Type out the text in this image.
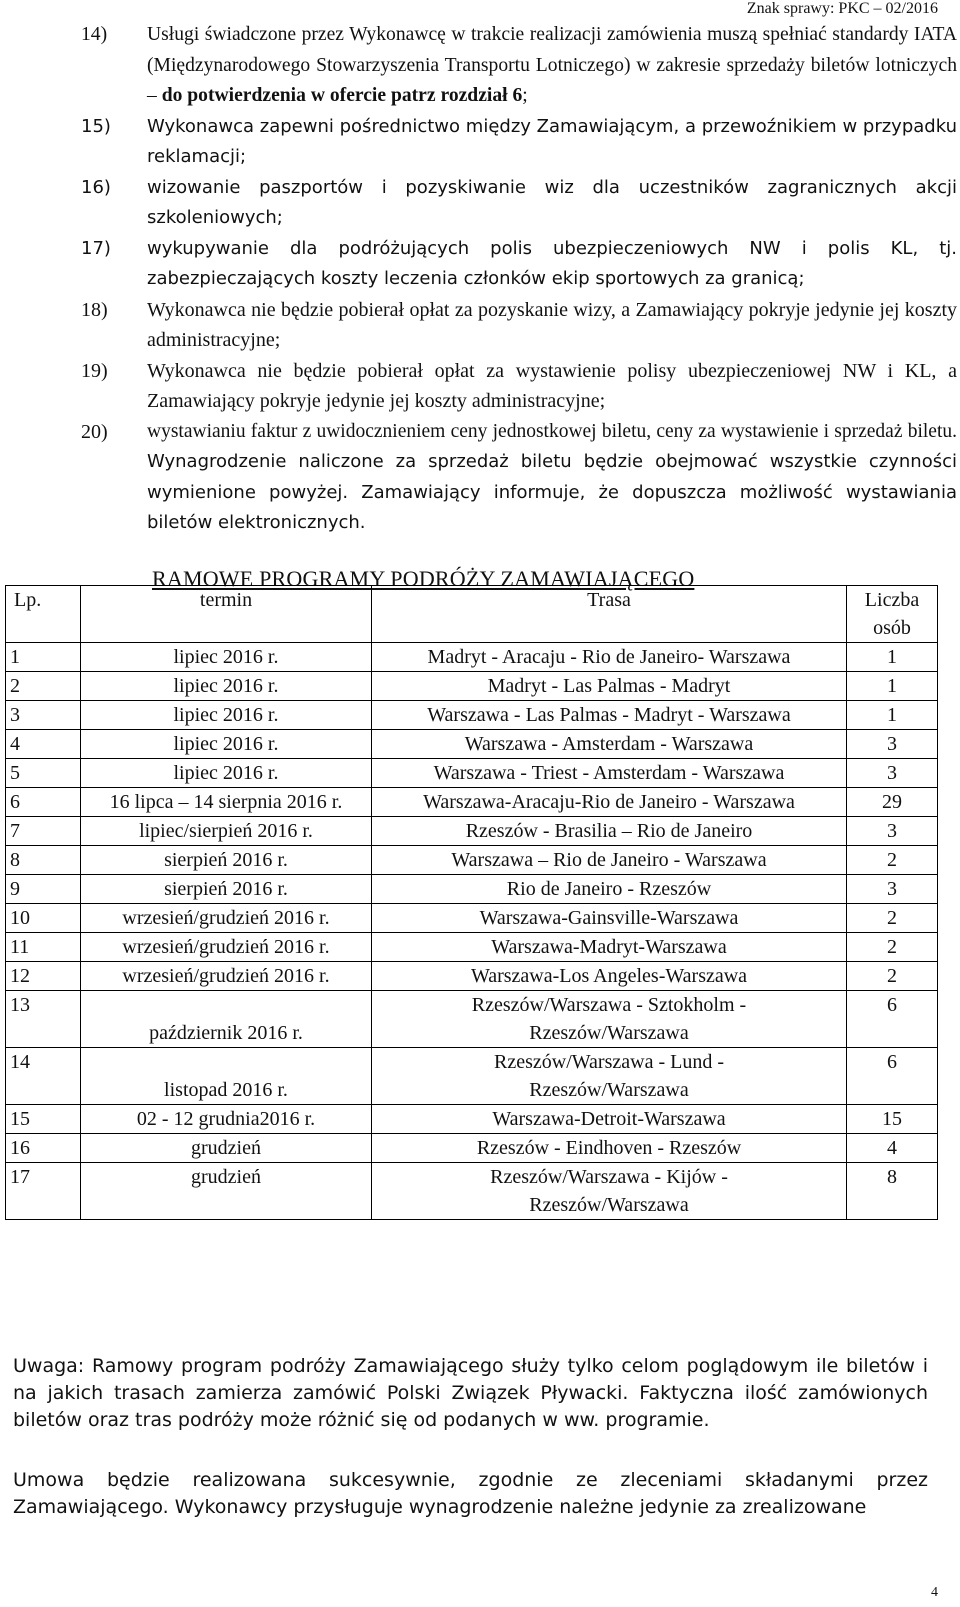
Znak sprawy: PKC – 02/2016
14) Usługi świadczone przez Wykonawcę w trakcie realizacji zamówienia muszą spełniać standardy IATA (Międzynarodowego Stowarzyszenia Transportu Lotniczego) w zakresie sprzedaży biletów lotniczych – do potwierdzenia w ofercie patrz rozdział 6;
15) Wykonawca zapewni pośrednictwo między Zamawiającym, a przewoźnikiem w przypadku reklamacji;
16) wizowanie paszportów i pozyskiwanie wiz dla uczestników zagranicznych akcji szkoleniowych;
17) wykupywanie dla podróżujących polis ubezpieczeniowych NW i polis KL, tj. zabezpieczających koszty leczenia członków ekip sportowych za granicą;
18) Wykonawca nie będzie pobierał opłat za pozyskanie wizy, a Zamawiający pokryje jedynie jej koszty administracyjne;
19) Wykonawca nie będzie pobierał opłat za wystawienie polisy ubezpieczeniowej NW i KL, a Zamawiający pokryje jedynie jej koszty administracyjne;
20) wystawianiu faktur z uwidocznieniem ceny jednostkowej biletu, ceny za wystawienie i sprzedaż biletu. Wynagrodzenie naliczone za sprzedaż biletu będzie obejmować wszystkie czynności wymienione powyżej. Zamawiający informuje, że dopuszcza możliwość wystawiania biletów elektronicznych.
RAMOWE PROGRAMY PODRÓŻY ZAMAWIAJĄCEGO
Lp.	termin	Trasa	Liczba osób
1	lipiec 2016 r.	Madryt - Aracaju - Rio de Janeiro- Warszawa	1
2	lipiec 2016 r.	Madryt - Las Palmas - Madryt	1
3	lipiec 2016 r.	Warszawa - Las Palmas - Madryt - Warszawa	1
4	lipiec 2016 r.	Warszawa - Amsterdam - Warszawa	3
5	lipiec 2016 r.	Warszawa - Triest - Amsterdam - Warszawa	3
6	16 lipca – 14 sierpnia 2016 r.	Warszawa-Aracaju-Rio de Janeiro - Warszawa	29
7	lipiec/sierpień 2016 r.	Rzeszów - Brasilia – Rio de Janeiro	3
8	sierpień 2016 r.	Warszawa – Rio de Janeiro - Warszawa	2
9	sierpień 2016 r.	Rio de Janeiro - Rzeszów	3
10	wrzesień/grudzień 2016 r.	Warszawa-Gainsville-Warszawa	2
11	wrzesień/grudzień 2016 r.	Warszawa-Madryt-Warszawa	2
12	wrzesień/grudzień 2016 r.	Warszawa-Los Angeles-Warszawa	2
13	październik 2016 r.	Rzeszów/Warszawa - Sztokholm - Rzeszów/Warszawa	6
14	listopad 2016 r.	Rzeszów/Warszawa - Lund - Rzeszów/Warszawa	6
15	02 - 12 grudnia2016 r.	Warszawa-Detroit-Warszawa	15
16	grudzień	Rzeszów - Eindhoven - Rzeszów	4
17	grudzień	Rzeszów/Warszawa - Kijów - Rzeszów/Warszawa	8
Uwaga: Ramowy program podróży Zamawiającego służy tylko celom poglądowym ile biletów i na jakich trasach zamierza zamówić Polski Związek Pływacki. Faktyczna ilość zamówionych biletów oraz tras podróży może różnić się od podanych w ww. programie.
Umowa będzie realizowana sukcesywnie, zgodnie ze zleceniami składanymi przez Zamawiającego. Wykonawcy przysługuje wynagrodzenie należne jedynie za zrealizowane
4
